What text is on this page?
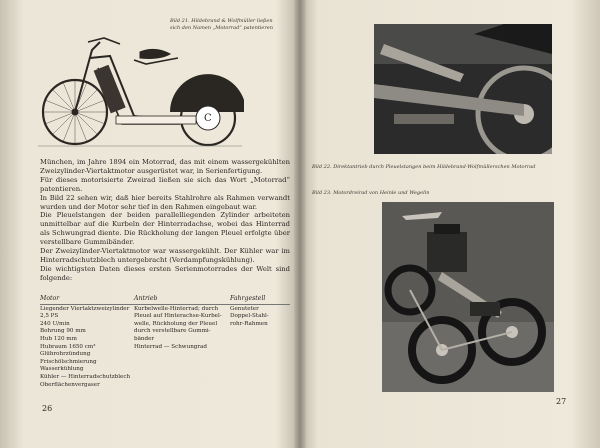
Bild 21. Hildebrand & Wolfmüller ließen
sich den Namen „Motorrad“ patentieren
C

München, im Jahre 1894 ein Motorrad, das mit einem wassergekühlten Zweizylinder-Viertaktmotor ausgerüstet war, in Serienfertigung.

Für dieses motorisierte Zweirad ließen sie sich das Wort „Motorrad“ patentieren.

In Bild 22 sehen wir, daß hier bereits Stahlrohre als Rahmen verwandt wurden und der Motor sehr tief in den Rahmen eingebaut war.

Die Pleuelstangen der beiden parallelliegenden Zylinder arbeiteten unmittelbar auf die Kurbeln der Hinterradachse, wobei das Hinterrad als Schwungrad diente. Die Rückholung der langen Pleuel erfolgte über verstellbare Gummibänder.

Der Zweizylinder-Viertaktmotor war wassergekühlt. Der Kühler war im Hinterradschutzblech untergebracht (Verdampfungskühlung).

Die wichtigsten Daten dieses ersten Serienmotorrades der Welt sind folgende:

Motor
Liegender Viertaktzweizylinder
2,5 PS
240 U/min
Bohrung 90 mm
Hub 120 mm
Hubraum 1650 cm³
Glührohrzündung
Frischölschmierung
Wasserkühlung
Kühler — Hinterradschutzblech
Oberflächenvergaser
Antrieb
Kurbelwelle-Hinterrad; durch
Pleuel auf Hinterachse-Kurbel-
welle, Rückholung der Pleuel
durch verstellbare Gummi-
bänder
Hinterrad — Schwungrad
Fahrgestell
Genuteter
Doppel-Stahl-
rohr-Rahmen
26
Bild 22. Direktantrieb durch Pleuelstangen beim Hildebrand-Wolfmüllerschen Motorrad
Bild 23. Motordreirad von Heinle und Wegelin
27
